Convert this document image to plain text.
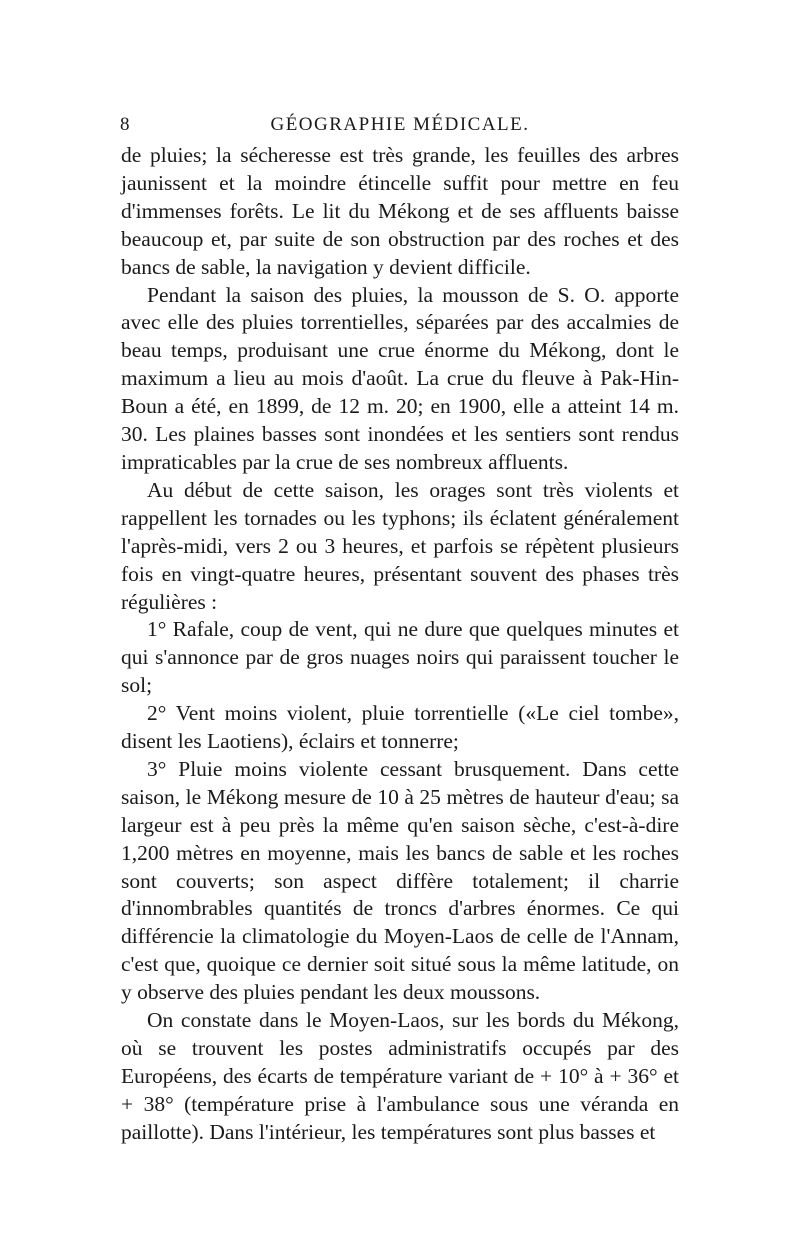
8	GÉOGRAPHIE MÉDICALE.

de pluies; la sécheresse est très grande, les feuilles des arbres jaunissent et la moindre étincelle suffit pour mettre en feu d'immenses forêts. Le lit du Mékong et de ses affluents baisse beaucoup et, par suite de son obstruction par des roches et des bancs de sable, la navigation y devient difficile.

Pendant la saison des pluies, la mousson de S. O. apporte avec elle des pluies torrentielles, séparées par des accalmies de beau temps, produisant une crue énorme du Mékong, dont le maximum a lieu au mois d'août. La crue du fleuve à Pak-Hin-Boun a été, en 1899, de 12 m. 20; en 1900, elle a atteint 14 m. 30. Les plaines basses sont inondées et les sentiers sont rendus impraticables par la crue de ses nombreux affluents.

Au début de cette saison, les orages sont très violents et rappellent les tornades ou les typhons; ils éclatent généralement l'après-midi, vers 2 ou 3 heures, et parfois se répètent plusieurs fois en vingt-quatre heures, présentant souvent des phases très régulières :

1° Rafale, coup de vent, qui ne dure que quelques minutes et qui s'annonce par de gros nuages noirs qui paraissent toucher le sol;

2° Vent moins violent, pluie torrentielle («Le ciel tombe», disent les Laotiens), éclairs et tonnerre;

3° Pluie moins violente cessant brusquement. Dans cette saison, le Mékong mesure de 10 à 25 mètres de hauteur d'eau; sa largeur est à peu près la même qu'en saison sèche, c'est-à-dire 1,200 mètres en moyenne, mais les bancs de sable et les roches sont couverts; son aspect diffère totalement; il charrie d'innombrables quantités de troncs d'arbres énormes. Ce qui différencie la climatologie du Moyen-Laos de celle de l'Annam, c'est que, quoique ce dernier soit situé sous la même latitude, on y observe des pluies pendant les deux moussons.

On constate dans le Moyen-Laos, sur les bords du Mékong, où se trouvent les postes administratifs occupés par des Européens, des écarts de température variant de + 10° à + 36° et + 38° (température prise à l'ambulance sous une véranda en paillotte). Dans l'intérieur, les températures sont plus basses et
